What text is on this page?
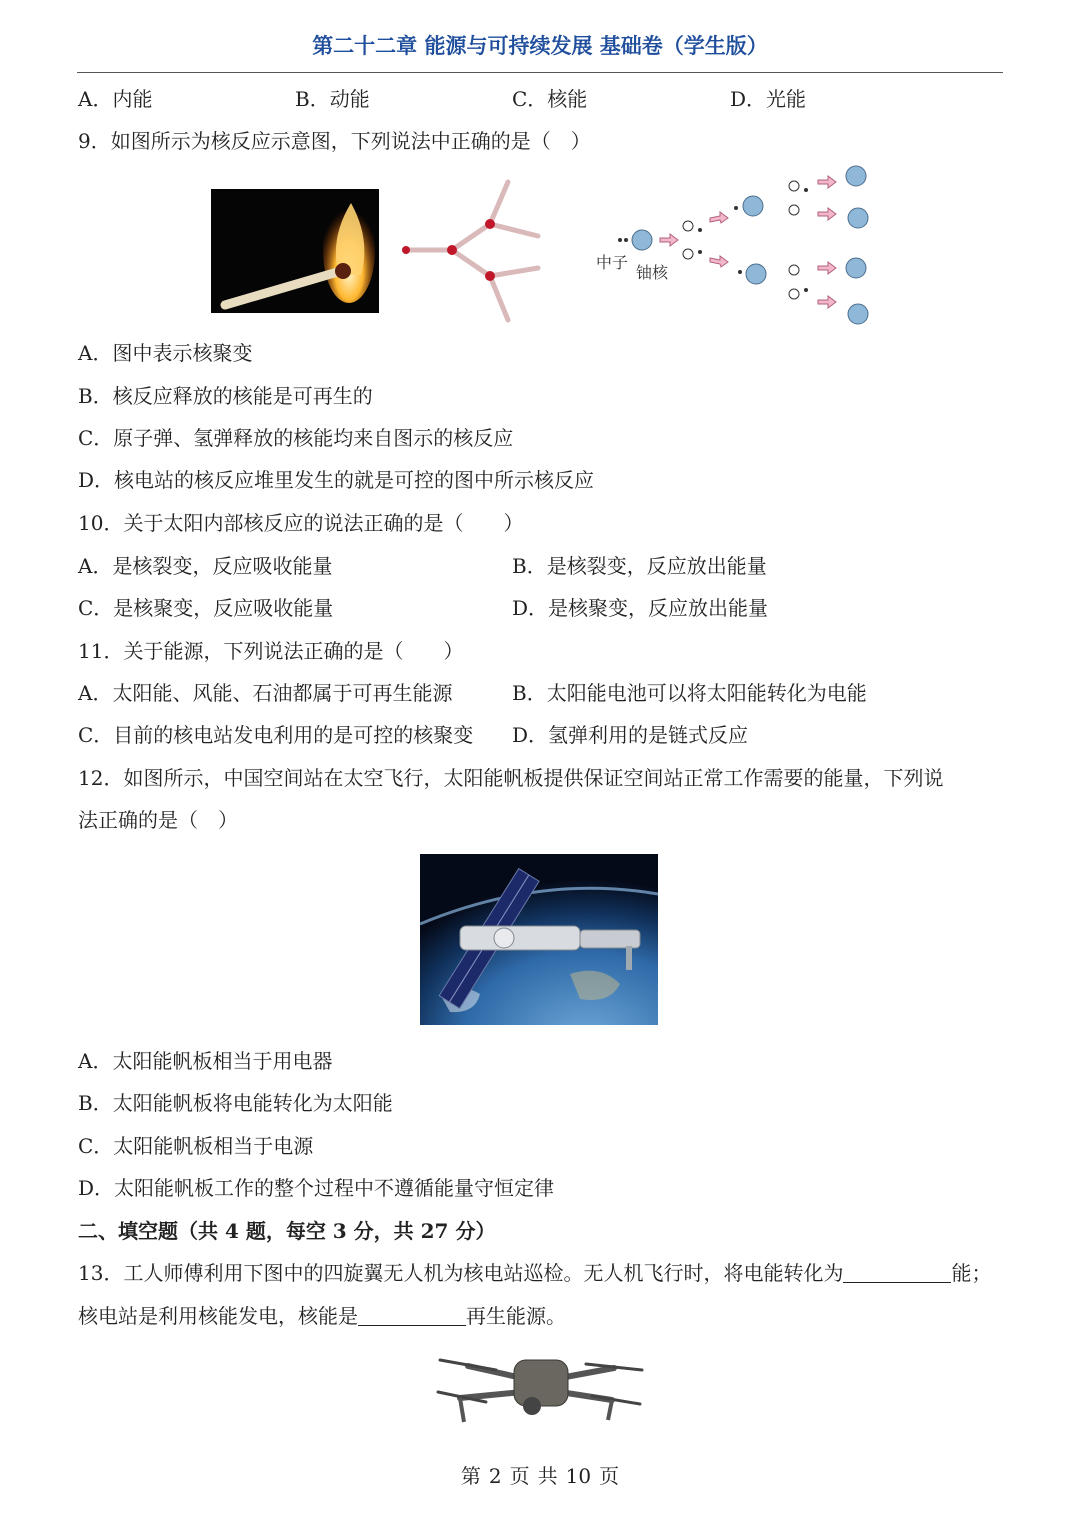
第二十二章 能源与可持续发展 基础卷（学生版）
A．内能	B．动能	C．核能	D．光能
9．如图所示为核反应示意图，下列说法中正确的是（　）
中子
铀核
A．图中表示核聚变
B．核反应释放的核能是可再生的
C．原子弹、氢弹释放的核能均来自图示的核反应
D．核电站的核反应堆里发生的就是可控的图中所示核反应
10．关于太阳内部核反应的说法正确的是（　　）
A．是核裂变，反应吸收能量	B．是核裂变，反应放出能量
C．是核聚变，反应吸收能量	D．是核聚变，反应放出能量
11．关于能源，下列说法正确的是（　　）
A．太阳能、风能、石油都属于可再生能源	B．太阳能电池可以将太阳能转化为电能
C．目前的核电站发电利用的是可控的核聚变 D．氢弹利用的是链式反应
12．如图所示，中国空间站在太空飞行，太阳能帆板提供保证空间站正常工作需要的能量，下列说
法正确的是（　）
A．太阳能帆板相当于用电器
B．太阳能帆板将电能转化为太阳能
C．太阳能帆板相当于电源
D．太阳能帆板工作的整个过程中不遵循能量守恒定律
二、填空题（共 4 题，每空 3 分，共 27 分）
13．工人师傅利用下图中的四旋翼无人机为核电站巡检。无人机飞行时，将电能转化为	能；
核电站是利用核能发电，核能是	再生能源。
第 2 页 共 10 页
